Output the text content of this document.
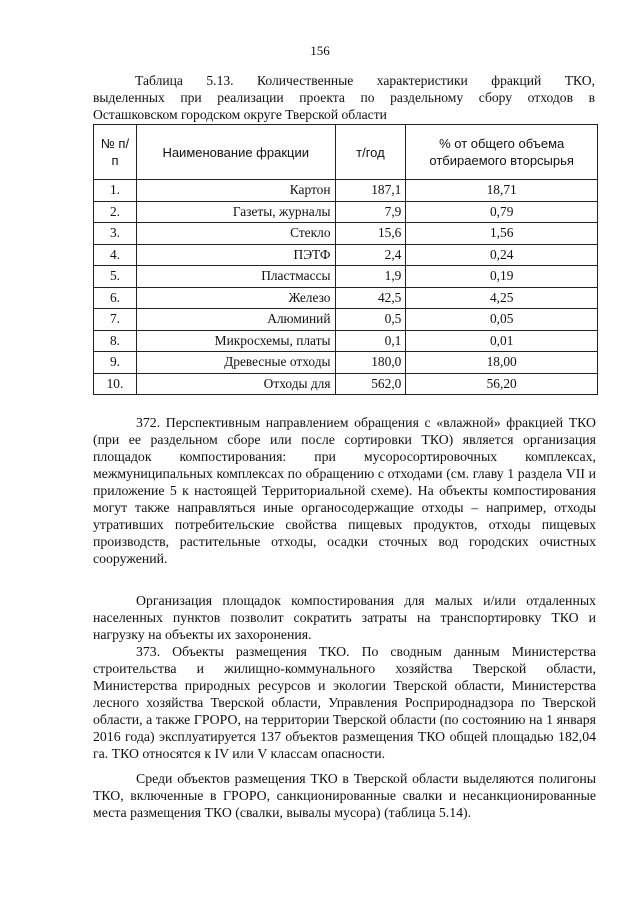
156
Таблица 5.13. Количественные характеристики фракций ТКО,
выделенных при реализации проекта по раздельному сбору отходов в
Осташковском городском округе Тверской области
№ п/п	Наименование фракции	т/год	% от общего объема отбираемого вторсырья
1.	Картон	187,1	18,71
2.	Газеты, журналы	7,9	0,79
3.	Стекло	15,6	1,56
4.	ПЭТФ	2,4	0,24
5.	Пластмассы	1,9	0,19
6.	Железо	42,5	4,25
7.	Алюминий	0,5	0,05
8.	Микросхемы, платы	0,1	0,01
9.	Древесные отходы	180,0	18,00
10.	Отходы для	562,0	56,20

372. Перспективным направлением обращения с «влажной» фракцией ТКО (при ее раздельном сборе или после сортировки ТКО) является организация площадок компостирования: при мусоросортировочных комплексах, межмуниципальных комплексах по обращению с отходами (см. главу 1 раздела VII и приложение 5 к настоящей Территориальной схеме). На объекты компостирования могут также направляться иные органосодержащие отходы – например, отходы утративших потребительские свойства пищевых продуктов, отходы пищевых производств, растительные отходы, осадки сточных вод городских очистных сооружений.

Организация площадок компостирования для малых и/или отдаленных населенных пунктов позволит сократить затраты на транспортировку ТКО и нагрузку на объекты их захоронения.

373. Объекты размещения ТКО. По сводным данным Министерства строительства и жилищно-коммунального хозяйства Тверской области, Министерства природных ресурсов и экологии Тверской области, Министерства лесного хозяйства Тверской области, Управления Росприроднадзора по Тверской области, а также ГРОРО, на территории Тверской области (по состоянию на 1 января 2016 года) эксплуатируется 137 объектов размещения ТКО общей площадью 182,04 га. ТКО относятся к IV или V классам опасности.

Среди объектов размещения ТКО в Тверской области выделяются полигоны ТКО, включенные в ГРОРО, санкционированные свалки и несанкционированные места размещения ТКО (свалки, вывалы мусора) (таблица 5.14).
